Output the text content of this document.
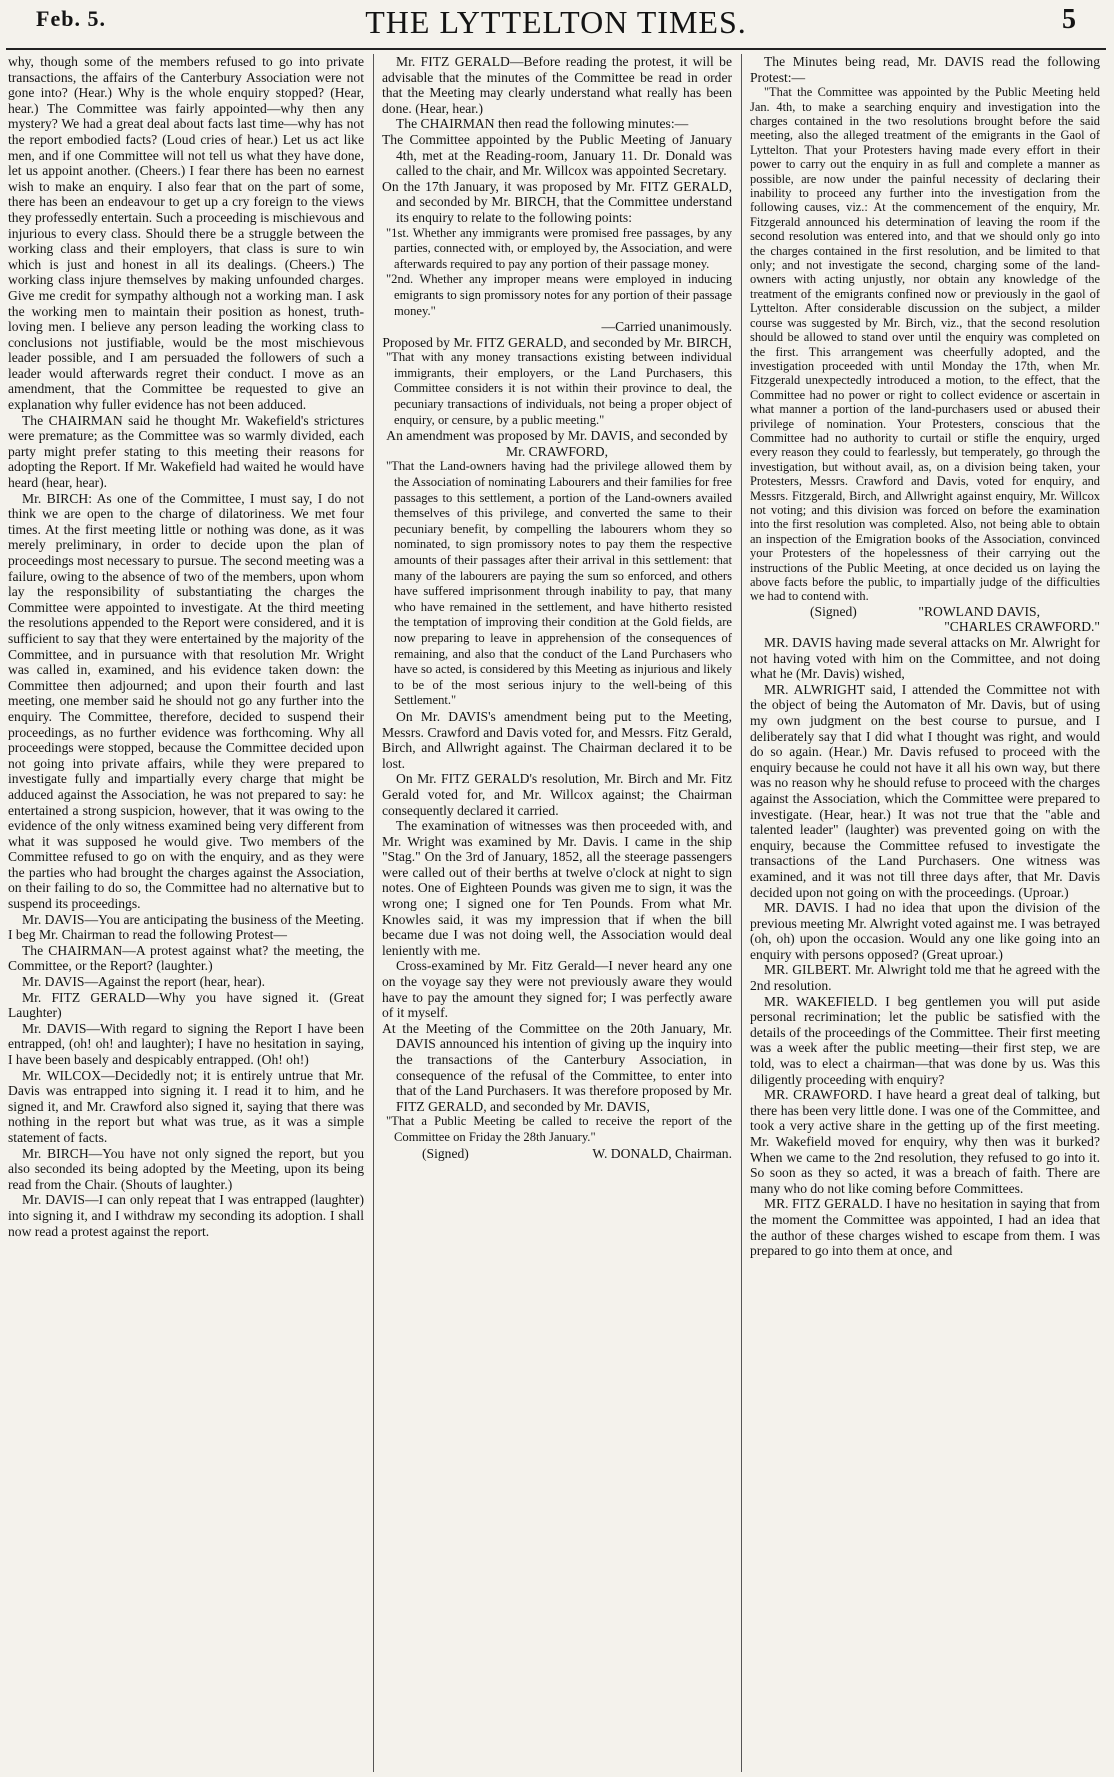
Feb. 5.	THE LYTTELTON TIMES.	5

why, though some of the members refused to go into private transactions, the affairs of the Canterbury Association were not gone into? (Hear.) Why is the whole enquiry stopped? (Hear, hear.) The Committee was fairly appointed—why then any mystery? We had a great deal about facts last time—why has not the report embodied facts? (Loud cries of hear.) Let us act like men, and if one Committee will not tell us what they have done, let us appoint another. (Cheers.) I fear there has been no earnest wish to make an enquiry. I also fear that on the part of some, there has been an endeavour to get up a cry foreign to the views they professedly entertain. Such a proceeding is mischievous and injurious to every class. Should there be a struggle between the working class and their employers, that class is sure to win which is just and honest in all its dealings. (Cheers.) The working class injure themselves by making unfounded charges. Give me credit for sympathy although not a working man. I ask the working men to maintain their position as honest, truth-loving men. I believe any person leading the working class to conclusions not justifiable, would be the most mischievous leader possible, and I am persuaded the followers of such a leader would afterwards regret their conduct. I move as an amendment, that the Committee be requested to give an explanation why fuller evidence has not been adduced.

The CHAIRMAN said he thought Mr. Wakefield's strictures were premature; as the Committee was so warmly divided, each party might prefer stating to this meeting their reasons for adopting the Report. If Mr. Wakefield had waited he would have heard (hear, hear).

Mr. BIRCH: As one of the Committee, I must say, I do not think we are open to the charge of dilatoriness. We met four times. At the first meeting little or nothing was done, as it was merely preliminary, in order to decide upon the plan of proceedings most necessary to pursue. The second meeting was a failure, owing to the absence of two of the members, upon whom lay the responsibility of substantiating the charges the Committee were appointed to investigate. At the third meeting the resolutions appended to the Report were considered, and it is sufficient to say that they were entertained by the majority of the Committee, and in pursuance with that resolution Mr. Wright was called in, examined, and his evidence taken down: the Committee then adjourned; and upon their fourth and last meeting, one member said he should not go any further into the enquiry. The Committee, therefore, decided to suspend their proceedings, as no further evidence was forthcoming. Why all proceedings were stopped, because the Committee decided upon not going into private affairs, while they were prepared to investigate fully and impartially every charge that might be adduced against the Association, he was not prepared to say: he entertained a strong suspicion, however, that it was owing to the evidence of the only witness examined being very different from what it was supposed he would give. Two members of the Committee refused to go on with the enquiry, and as they were the parties who had brought the charges against the Association, on their failing to do so, the Committee had no alternative but to suspend its proceedings.

Mr. DAVIS—You are anticipating the business of the Meeting. I beg Mr. Chairman to read the following Protest—

The CHAIRMAN—A protest against what? the meeting, the Committee, or the Report? (laughter.)

Mr. DAVIS—Against the report (hear, hear).

Mr. FITZ GERALD—Why you have signed it. (Great Laughter)

Mr. DAVIS—With regard to signing the Report I have been entrapped, (oh! oh! and laughter); I have no hesitation in saying, I have been basely and despicably entrapped. (Oh! oh!)

Mr. WILCOX—Decidedly not; it is entirely untrue that Mr. Davis was entrapped into signing it. I read it to him, and he signed it, and Mr. Crawford also signed it, saying that there was nothing in the report but what was true, as it was a simple statement of facts.

Mr. BIRCH—You have not only signed the report, but you also seconded its being adopted by the Meeting, upon its being read from the Chair. (Shouts of laughter.)

Mr. DAVIS—I can only repeat that I was entrapped (laughter) into signing it, and I withdraw my seconding its adoption. I shall now read a protest against the report.

Mr. FITZ GERALD—Before reading the protest, it will be advisable that the minutes of the Committee be read in order that the Meeting may clearly understand what really has been done. (Hear, hear.)

The CHAIRMAN then read the following minutes:—

The Committee appointed by the Public Meeting of January 4th, met at the Reading-room, January 11. Dr. Donald was called to the chair, and Mr. Willcox was appointed Secretary.

On the 17th January, it was proposed by Mr. FITZ GERALD, and seconded by Mr. BIRCH, that the Committee understand its enquiry to relate to the following points:

"1st. Whether any immigrants were promised free passages, by any parties, connected with, or employed by, the Association, and were afterwards required to pay any portion of their passage money.

"2nd. Whether any improper means were employed in inducing emigrants to sign promissory notes for any portion of their passage money."

—Carried unanimously.

Proposed by Mr. FITZ GERALD, and seconded by Mr. BIRCH,

"That with any money transactions existing between individual immigrants, their employers, or the Land Purchasers, this Committee considers it is not within their province to deal, the pecuniary transactions of individuals, not being a proper object of enquiry, or censure, by a public meeting."

An amendment was proposed by Mr. DAVIS, and seconded by Mr. CRAWFORD,

"That the Land-owners having had the privilege allowed them by the Association of nominating Labourers and their families for free passages to this settlement, a portion of the Land-owners availed themselves of this privilege, and converted the same to their pecuniary benefit, by compelling the labourers whom they so nominated, to sign promissory notes to pay them the respective amounts of their passages after their arrival in this settlement: that many of the labourers are paying the sum so enforced, and others have suffered imprisonment through inability to pay, that many who have remained in the settlement, and have hitherto resisted the temptation of improving their condition at the Gold fields, are now preparing to leave in apprehension of the consequences of remaining, and also that the conduct of the Land Purchasers who have so acted, is considered by this Meeting as injurious and likely to be of the most serious injury to the well-being of this Settlement."

On Mr. DAVIS's amendment being put to the Meeting, Messrs. Crawford and Davis voted for, and Messrs. Fitz Gerald, Birch, and Allwright against. The Chairman declared it to be lost.

On Mr. FITZ GERALD's resolution, Mr. Birch and Mr. Fitz Gerald voted for, and Mr. Willcox against; the Chairman consequently declared it carried.

The examination of witnesses was then proceeded with, and Mr. Wright was examined by Mr. Davis. I came in the ship "Stag." On the 3rd of January, 1852, all the steerage passengers were called out of their berths at twelve o'clock at night to sign notes. One of Eighteen Pounds was given me to sign, it was the wrong one; I signed one for Ten Pounds. From what Mr. Knowles said, it was my impression that if when the bill became due I was not doing well, the Association would deal leniently with me.

Cross-examined by Mr. Fitz Gerald—I never heard any one on the voyage say they were not previously aware they would have to pay the amount they signed for; I was perfectly aware of it myself.

At the Meeting of the Committee on the 20th January, Mr. DAVIS announced his intention of giving up the inquiry into the transactions of the Canterbury Association, in consequence of the refusal of the Committee, to enter into that of the Land Purchasers. It was therefore proposed by Mr. FITZ GERALD, and seconded by Mr. DAVIS,

"That a Public Meeting be called to receive the report of the Committee on Friday the 28th January."

(Signed)	W. DONALD, Chairman.

The Minutes being read, Mr. DAVIS read the following Protest:—

"That the Committee was appointed by the Public Meeting held Jan. 4th, to make a searching enquiry and investigation into the charges contained in the two resolutions brought before the said meeting, also the alleged treatment of the emigrants in the Gaol of Lyttelton. That your Protesters having made every effort in their power to carry out the enquiry in as full and complete a manner as possible, are now under the painful necessity of declaring their inability to proceed any further into the investigation from the following causes, viz.: At the commencement of the enquiry, Mr. Fitzgerald announced his determination of leaving the room if the second resolution was entered into, and that we should only go into the charges contained in the first resolution, and be limited to that only; and not investigate the second, charging some of the land-owners with acting unjustly, nor obtain any knowledge of the treatment of the emigrants confined now or previously in the gaol of Lyttelton. After considerable discussion on the subject, a milder course was suggested by Mr. Birch, viz., that the second resolution should be allowed to stand over until the enquiry was completed on the first. This arrangement was cheerfully adopted, and the investigation proceeded with until Monday the 17th, when Mr. Fitzgerald unexpectedly introduced a motion, to the effect, that the Committee had no power or right to collect evidence or ascertain in what manner a portion of the land-purchasers used or abused their privilege of nomination. Your Protesters, conscious that the Committee had no authority to curtail or stifle the enquiry, urged every reason they could to fearlessly, but temperately, go through the investigation, but without avail, as, on a division being taken, your Protesters, Messrs. Crawford and Davis, voted for enquiry, and Messrs. Fitzgerald, Birch, and Allwright against enquiry, Mr. Willcox not voting; and this division was forced on before the examination into the first resolution was completed. Also, not being able to obtain an inspection of the Emigration books of the Association, convinced your Protesters of the hopelessness of their carrying out the instructions of the Public Meeting, at once decided us on laying the above facts before the public, to impartially judge of the difficulties we had to contend with.

(Signed)	"ROWLAND DAVIS,

"CHARLES CRAWFORD."

MR. DAVIS having made several attacks on Mr. Alwright for not having voted with him on the Committee, and not doing what he (Mr. Davis) wished,

MR. ALWRIGHT said, I attended the Committee not with the object of being the Automaton of Mr. Davis, but of using my own judgment on the best course to pursue, and I deliberately say that I did what I thought was right, and would do so again. (Hear.) Mr. Davis refused to proceed with the enquiry because he could not have it all his own way, but there was no reason why he should refuse to proceed with the charges against the Association, which the Committee were prepared to investigate. (Hear, hear.) It was not true that the "able and talented leader" (laughter) was prevented going on with the enquiry, because the Committee refused to investigate the transactions of the Land Purchasers. One witness was examined, and it was not till three days after, that Mr. Davis decided upon not going on with the proceedings. (Uproar.)

MR. DAVIS. I had no idea that upon the division of the previous meeting Mr. Alwright voted against me. I was betrayed (oh, oh) upon the occasion. Would any one like going into an enquiry with persons opposed? (Great uproar.)

MR. GILBERT. Mr. Alwright told me that he agreed with the 2nd resolution.

MR. WAKEFIELD. I beg gentlemen you will put aside personal recrimination; let the public be satisfied with the details of the proceedings of the Committee. Their first meeting was a week after the public meeting—their first step, we are told, was to elect a chairman—that was done by us. Was this diligently proceeding with enquiry?

MR. CRAWFORD. I have heard a great deal of talking, but there has been very little done. I was one of the Committee, and took a very active share in the getting up of the first meeting. Mr. Wakefield moved for enquiry, why then was it burked? When we came to the 2nd resolution, they refused to go into it. So soon as they so acted, it was a breach of faith. There are many who do not like coming before Committees.

MR. FITZ GERALD. I have no hesitation in saying that from the moment the Committee was appointed, I had an idea that the author of these charges wished to escape from them. I was prepared to go into them at once, and
